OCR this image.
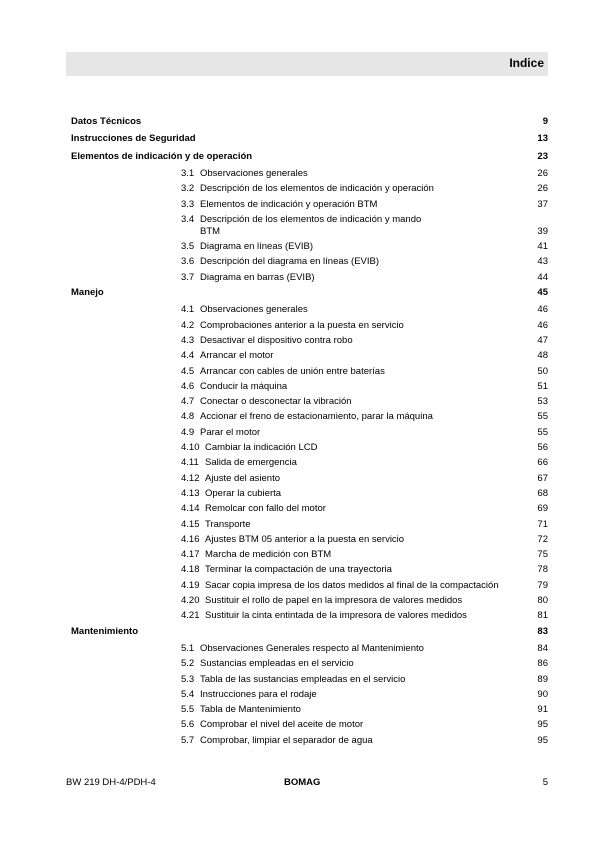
Indice
Datos Técnicos	9
Instrucciones de Seguridad	13
Elementos de indicación y de operación	23
3.1 Observaciones generales	26
3.2 Descripción de los elementos de indicación y operación	26
3.3 Elementos de indicación y operación BTM	37
3.4 Descripción de los elementos de indicación y mando
BTM	39
3.5 Diagrama en líneas (EVIB)	41
3.6 Descripción del diagrama en líneas (EVIB)	43
3.7 Diagrama en barras (EVIB)	44
Manejo	45
4.1 Observaciones generales	46
4.2 Comprobaciones anterior a la puesta en servicio	46
4.3 Desactivar el dispositivo contra robo	47
4.4 Arrancar el motor	48
4.5 Arrancar con cables de unión entre baterías	50
4.6 Conducir la máquina	51
4.7 Conectar o desconectar la vibración	53
4.8 Accionar el freno de estacionamiento, parar la máquina	55
4.9 Parar el motor	55
4.10 Cambiar la indicación LCD	56
4.11 Salida de emergencia	66
4.12 Ajuste del asiento	67
4.13 Operar la cubierta	68
4.14 Remolcar con fallo del motor	69
4.15 Transporte	71
4.16 Ajustes BTM 05 anterior a la puesta en servicio	72
4.17 Marcha de medición con BTM	75
4.18 Terminar la compactación de una trayectoria	78
4.19 Sacar copia impresa de los datos medidos al final de la compactación	79
4.20 Sustituir el rollo de papel en la impresora de valores medidos	80
4.21 Sustituir la cinta entintada de la impresora de valores medidos	81
Mantenimiento	83
5.1 Observaciones Generales respecto al Mantenimiento	84
5.2 Sustancias empleadas en el servicio	86
5.3 Tabla de las sustancias empleadas en el servicio	89
5.4 Instrucciones para el rodaje	90
5.5 Tabla de Mantenimiento	91
5.6 Comprobar el nivel del aceite de motor	95
5.7 Comprobar, limpiar el separador de agua	95
BW 219 DH-4/PDH-4	BOMAG	5
